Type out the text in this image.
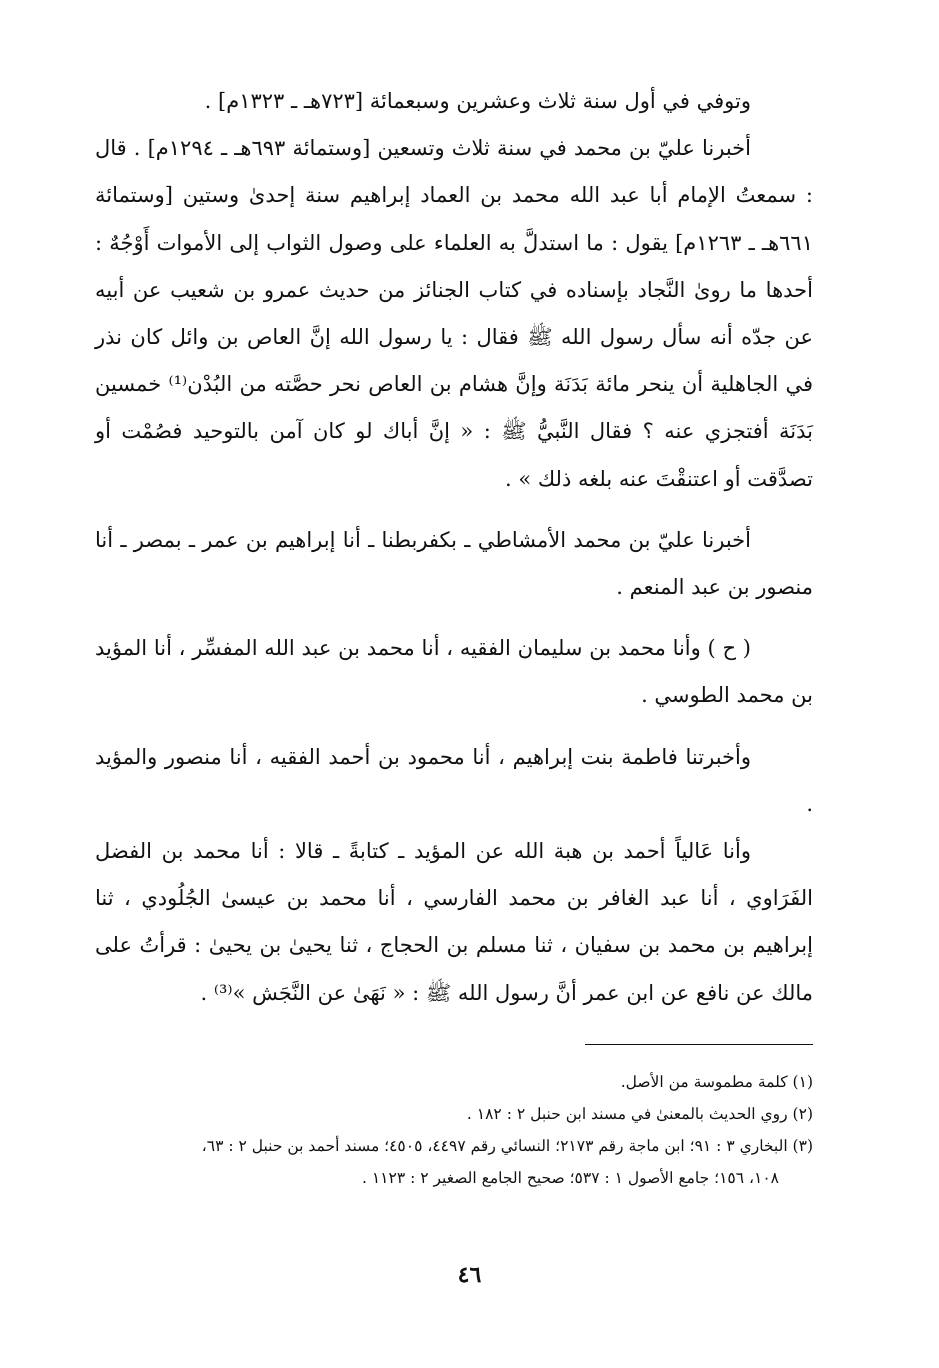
وتوفي في أول سنة ثلاث وعشرين وسبعمائة [٧٢٣هـ ـ ١٣٢٣م] .

أخبرنا عليّ بن محمد في سنة ثلاث وتسعين [وستمائة ٦٩٣هـ ـ ١٢٩٤م] . قال : سمعتُ الإمام أبا عبد الله محمد بن العماد إبراهيم سنة إحدىٰ وستين [وستمائة ٦٦١هـ ـ ١٢٦٣م] يقول : ما استدلَّ به العلماء على وصول الثواب إلى الأموات أَوْجُهٌ : أحدها ما روىٰ النَّجاد بإسناده في كتاب الجنائز من حديث عمرو بن شعيب عن أبيه عن جدّه أنه سأل رسول الله ﷺ فقال : يا رسول الله إنَّ العاص بن وائل كان نذر في الجاهلية أن ينحر مائة بَدَنَة وإنَّ هشام بن العاص نحر حصَّته من البُدْن⁽¹⁾ خمسين بَدَنَة أفتجزي عنه ؟ فقال النَّبيُّ ﷺ : « إنَّ أباك لو كان آمن بالتوحيد فصُمْت أو تصدَّقت أو اعتنقْتَ عنه بلغه ذلك » .

أخبرنا عليّ بن محمد الأمشاطي ـ بكفربطنا ـ أنا إبراهيم بن عمر ـ بمصر ـ أنا منصور بن عبد المنعم .

( ح ) وأنا محمد بن سليمان الفقيه ، أنا محمد بن عبد الله المفسِّر ، أنا المؤيد بن محمد الطوسي .

وأخبرتنا فاطمة بنت إبراهيم ، أنا محمود بن أحمد الفقيه ، أنا منصور والمؤيد .

وأنا عَالياً أحمد بن هبة الله عن المؤيد ـ كتابةً ـ قالا : أنا محمد بن الفضل الفَرَاوي ، أنا عبد الغافر بن محمد الفارسي ، أنا محمد بن عيسىٰ الجُلُودي ، ثنا إبراهيم بن محمد بن سفيان ، ثنا مسلم بن الحجاج ، ثنا يحيىٰ بن يحيىٰ : قرأتُ على مالك عن نافع عن ابن عمر أنَّ رسول الله ﷺ : « نَهَىٰ عن النَّجَش »⁽³⁾ .

(١) كلمة مطموسة من الأصل.

(٢) روي الحديث بالمعنىٰ في مسند ابن حنبل ٢ : ١٨٢ .

(٣) البخاري ٣ : ٩١؛ ابن ماجة رقم ٢١٧٣؛ النسائي رقم ٤٤٩٧، ٤٥٠٥؛ مسند أحمد بن حنبل ٢ : ٦٣،

١٠٨، ١٥٦؛ جامع الأصول ١ : ٥٣٧؛ صحيح الجامع الصغير ٢ : ١١٢٣ .

٤٦
